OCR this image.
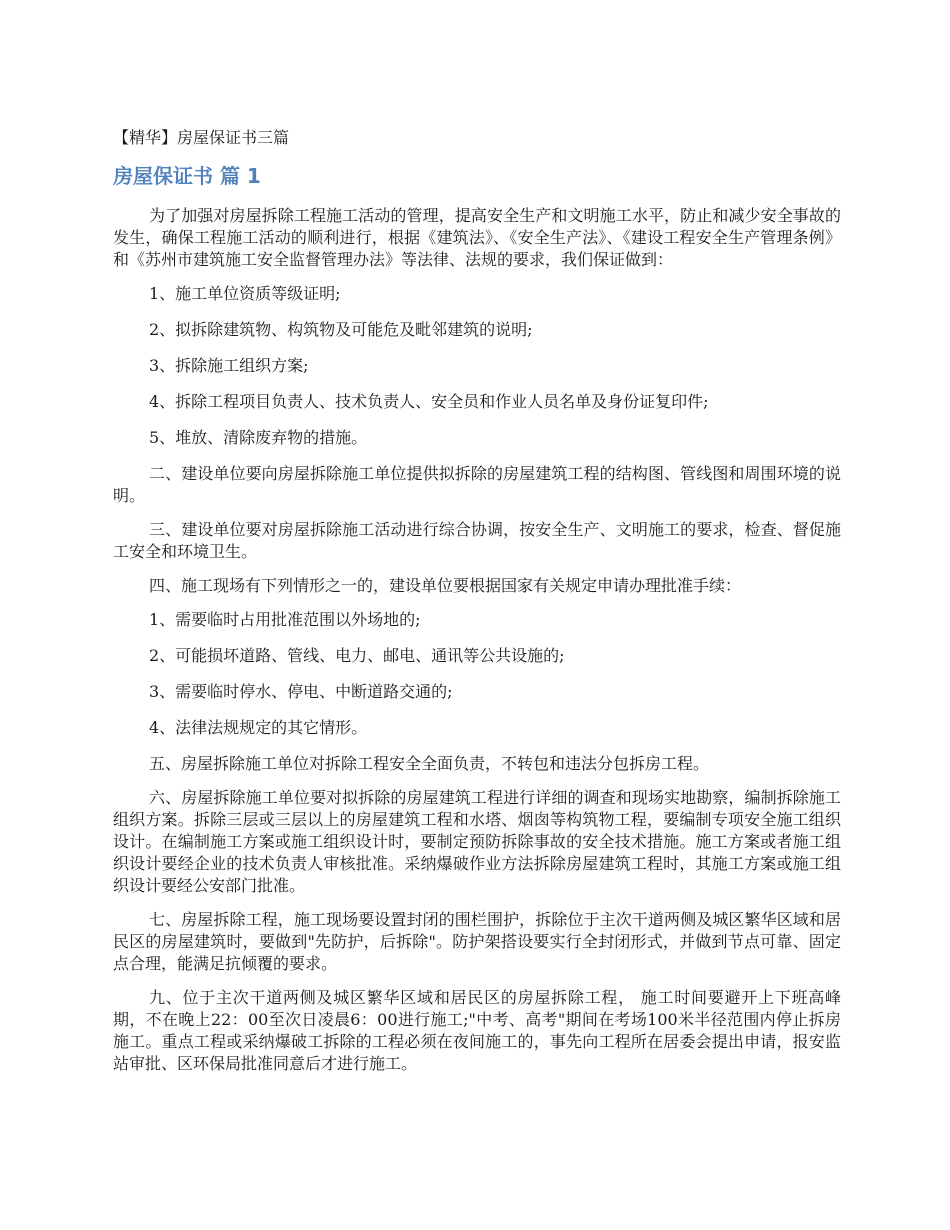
【精华】房屋保证书三篇
房屋保证书 篇 1

为了加强对房屋拆除工程施工活动的管理，提高安全生产和文明施工水平，防止和减少安全事故的发生，确保工程施工活动的顺利进行，根据《建筑法》、《安全生产法》、《建设工程安全生产管理条例》和《苏州市建筑施工安全监督管理办法》等法律、法规的要求，我们保证做到：

1、施工单位资质等级证明;

2、拟拆除建筑物、构筑物及可能危及毗邻建筑的说明;

3、拆除施工组织方案;

4、拆除工程项目负责人、技术负责人、安全员和作业人员名单及身份证复印件;

5、堆放、清除废弃物的措施。

二、建设单位要向房屋拆除施工单位提供拟拆除的房屋建筑工程的结构图、管线图和周围环境的说明。

三、建设单位要对房屋拆除施工活动进行综合协调，按安全生产、文明施工的要求，检查、督促施工安全和环境卫生。

四、施工现场有下列情形之一的，建设单位要根据国家有关规定申请办理批准手续：

1、需要临时占用批准范围以外场地的;

2、可能损坏道路、管线、电力、邮电、通讯等公共设施的;

3、需要临时停水、停电、中断道路交通的;

4、法律法规规定的其它情形。

五、房屋拆除施工单位对拆除工程安全全面负责，不转包和违法分包拆房工程。

六、房屋拆除施工单位要对拟拆除的房屋建筑工程进行详细的调查和现场实地勘察，编制拆除施工组织方案。拆除三层或三层以上的房屋建筑工程和水塔、烟囱等构筑物工程，要编制专项安全施工组织设计。在编制施工方案或施工组织设计时，要制定预防拆除事故的安全技术措施。施工方案或者施工组织设计要经企业的技术负责人审核批准。采纳爆破作业方法拆除房屋建筑工程时，其施工方案或施工组织设计要经公安部门批准。

七、房屋拆除工程，施工现场要设置封闭的围栏围护，拆除位于主次干道两侧及城区繁华区域和居民区的房屋建筑时，要做到"先防护，后拆除"。防护架搭设要实行全封闭形式，并做到节点可靠、固定点合理，能满足抗倾覆的要求。

九、位于主次干道两侧及城区繁华区域和居民区的房屋拆除工程， 施工时间要避开上下班高峰期，不在晚上22：00至次日凌晨6：00进行施工;"中考、高考"期间在考场100米半径范围内停止拆房施工。重点工程或采纳爆破工拆除的工程必须在夜间施工的，事先向工程所在居委会提出申请，报安监站审批、区环保局批准同意后才进行施工。
